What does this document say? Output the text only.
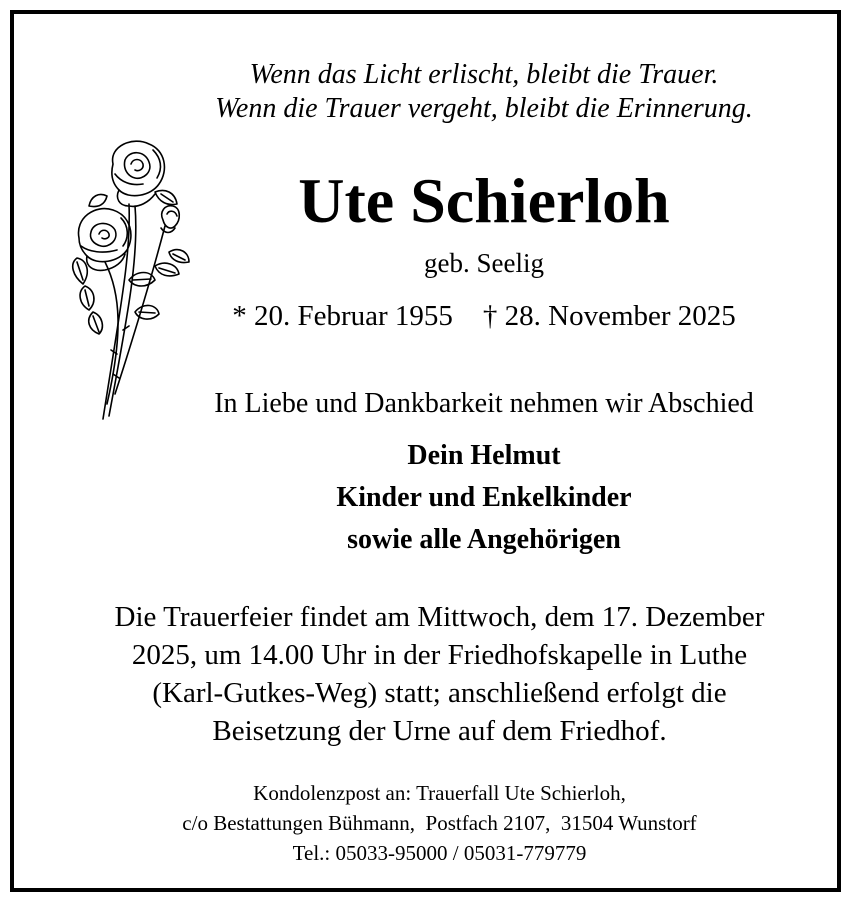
Wenn das Licht erlischt, bleibt die Trauer.

Wenn die Trauer vergeht, bleibt die Erinnerung.

Ute Schierloh

geb. Seelig

* 20. Februar 1955 † 28. November 2025

In Liebe und Dankbarkeit nehmen wir Abschied

Dein Helmut

Kinder und Enkelkinder

sowie alle Angehörigen

Die Trauerfeier findet am Mittwoch, dem 17. Dezember

2025, um 14.00 Uhr in der Friedhofskapelle in Luthe

(Karl-Gutkes-Weg) statt; anschließend erfolgt die

Beisetzung der Urne auf dem Friedhof.

Kondolenzpost an: Trauerfall Ute Schierloh,

c/o Bestattungen Bühmann,  Postfach 2107,  31504 Wunstorf

Tel.: 05033-95000 / 05031-779779
